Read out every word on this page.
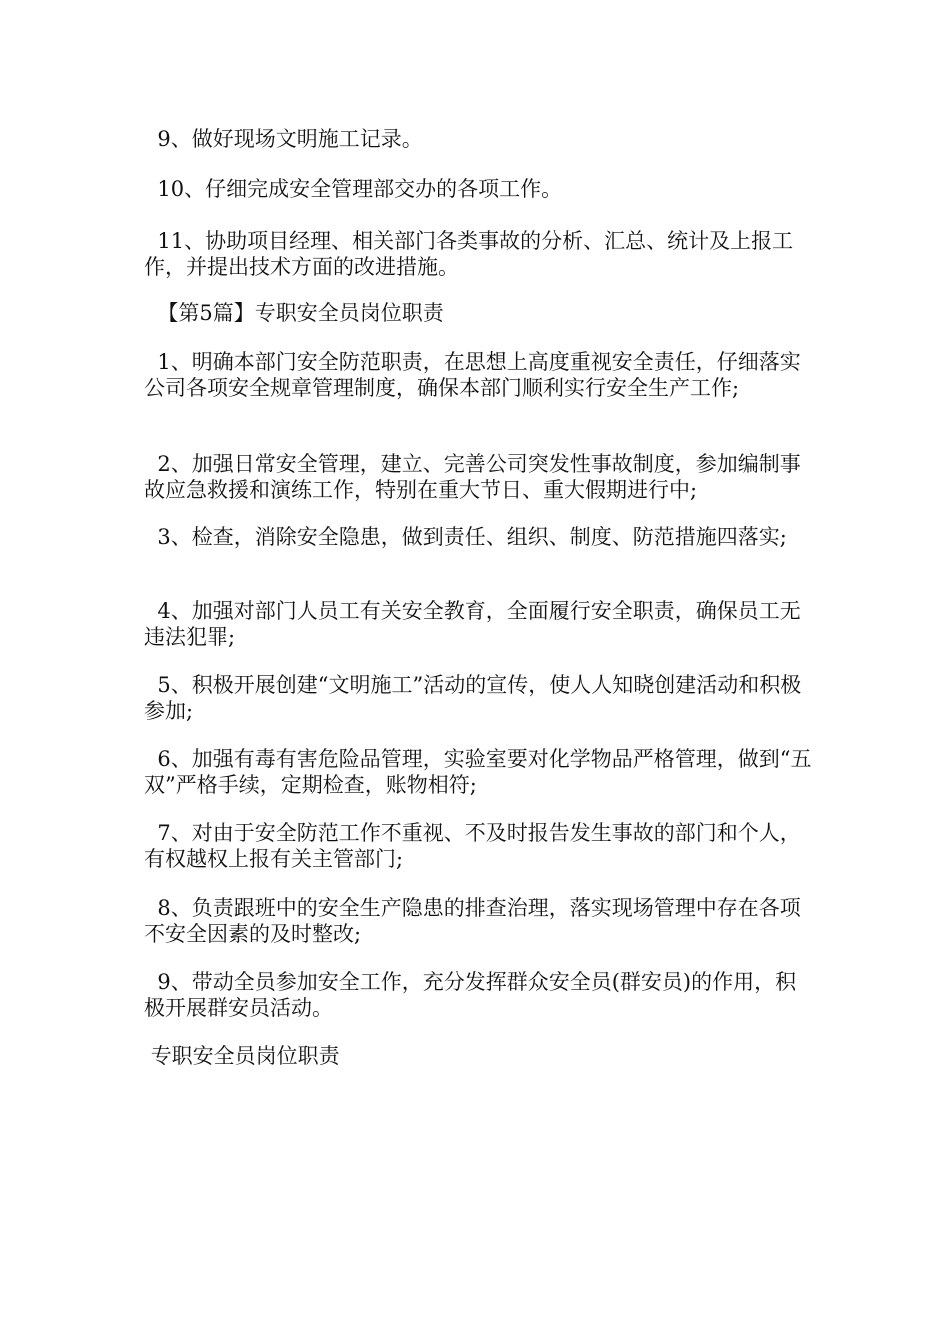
9、做好现场文明施工记录。

10、仔细完成安全管理部交办的各项工作。

11、协助项目经理、相关部门各类事故的分析、汇总、统计及上报工作，并提出技术方面的改进措施。

【第5篇】专职安全员岗位职责

1、明确本部门安全防范职责，在思想上高度重视安全责任，仔细落实公司各项安全规章管理制度，确保本部门顺利实行安全生产工作;

2、加强日常安全管理，建立、完善公司突发性事故制度，参加编制事故应急救援和演练工作，特别在重大节日、重大假期进行中;

3、检查，消除安全隐患，做到责任、组织、制度、防范措施四落实;

4、加强对部门人员工有关安全教育，全面履行安全职责，确保员工无违法犯罪;

5、积极开展创建“文明施工”活动的宣传，使人人知晓创建活动和积极参加;

6、加强有毒有害危险品管理，实验室要对化学物品严格管理，做到“五双”严格手续，定期检查，账物相符;

7、对由于安全防范工作不重视、不及时报告发生事故的部门和个人，有权越权上报有关主管部门;

8、负责跟班中的安全生产隐患的排查治理，落实现场管理中存在各项不安全因素的及时整改;

9、带动全员参加安全工作，充分发挥群众安全员(群安员)的作用，积极开展群安员活动。

专职安全员岗位职责
